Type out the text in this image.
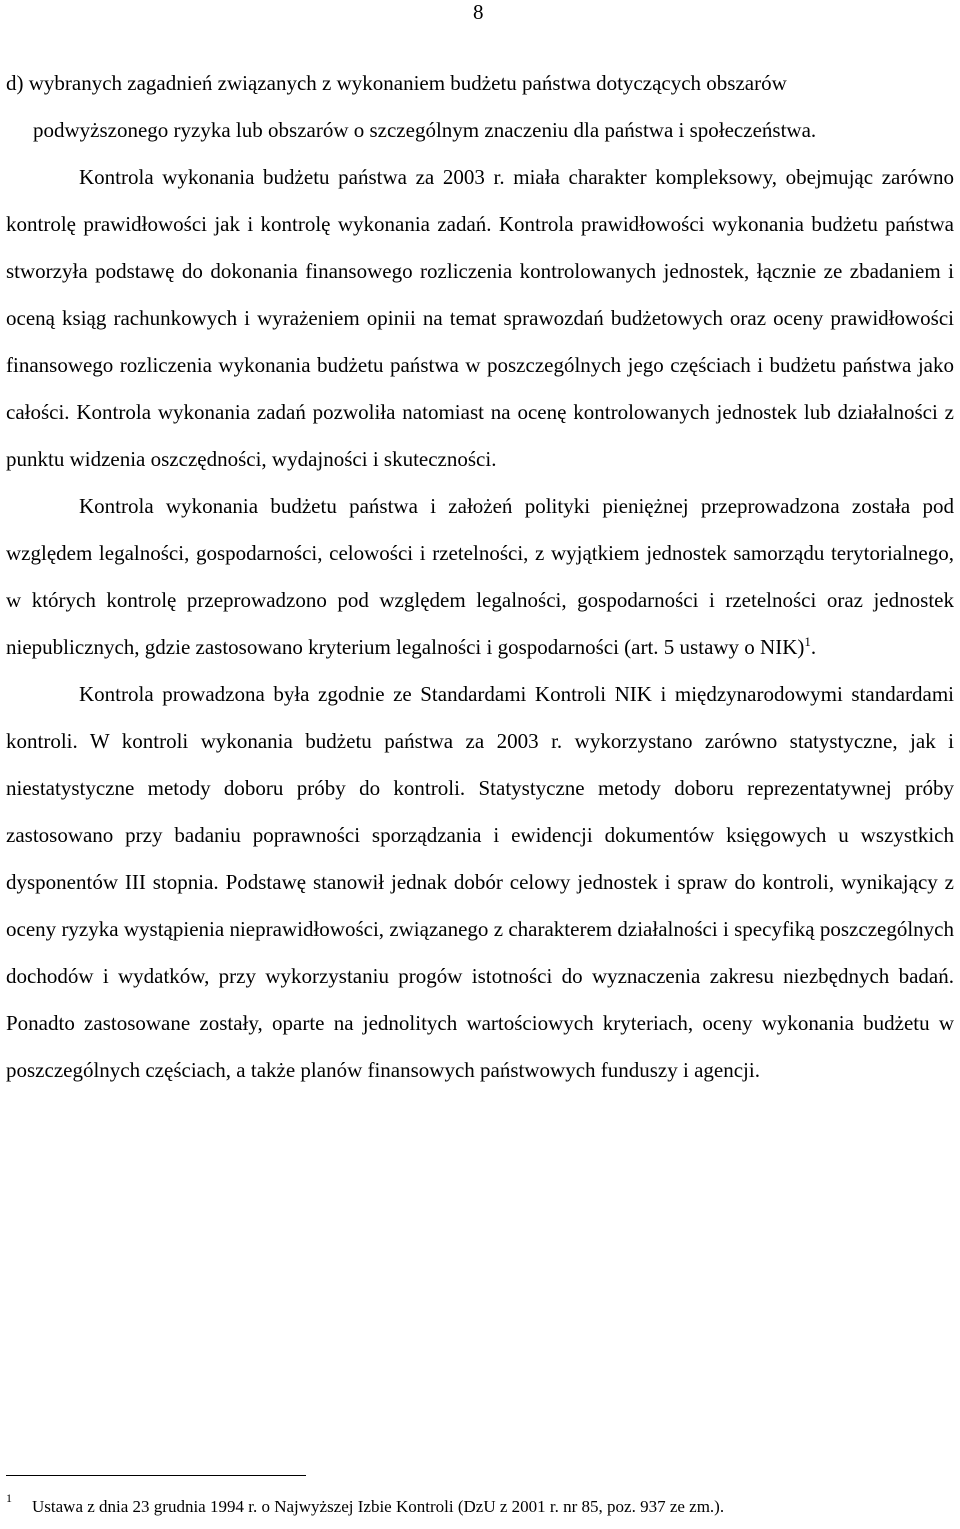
8

d) wybranych zagadnień związanych z wykonaniem budżetu państwa dotyczących obszarów
podwyższonego ryzyka lub obszarów o szczególnym znaczeniu dla państwa i społeczeństwa.

Kontrola wykonania budżetu państwa za 2003 r. miała charakter kompleksowy, obejmując zarówno kontrolę prawidłowości jak i kontrolę wykonania zadań. Kontrola prawidłowości wykonania budżetu państwa stworzyła podstawę do dokonania finansowego rozliczenia kontrolowanych jednostek, łącznie ze zbadaniem i oceną ksiąg rachunkowych i wyrażeniem opinii na temat sprawozdań budżetowych oraz oceny prawidłowości finansowego rozliczenia wykonania budżetu państwa w poszczególnych jego częściach i budżetu państwa jako całości. Kontrola wykonania zadań pozwoliła natomiast na ocenę kontrolowanych jednostek lub działalności z punktu widzenia oszczędności, wydajności i skuteczności.

Kontrola wykonania budżetu państwa i założeń polityki pieniężnej przeprowadzona została pod względem legalności, gospodarności, celowości i rzetelności, z wyjątkiem jednostek samorządu terytorialnego, w których kontrolę przeprowadzono pod względem legalności, gospodarności i rzetelności oraz jednostek niepublicznych, gdzie zastosowano kryterium legalności i gospodarności (art. 5 ustawy o NIK)$^1$.

Kontrola prowadzona była zgodnie ze Standardami Kontroli NIK i międzynarodowymi standardami kontroli. W kontroli wykonania budżetu państwa za 2003 r. wykorzystano zarówno statystyczne, jak i niestatystyczne metody doboru próby do kontroli. Statystyczne metody doboru reprezentatywnej próby zastosowano przy badaniu poprawności sporządzania i ewidencji dokumentów księgowych u wszystkich dysponentów III stopnia. Podstawę stanowił jednak dobór celowy jednostek i spraw do kontroli, wynikający z oceny ryzyka wystąpienia nieprawidłowości, związanego z charakterem działalności i specyfiką poszczególnych dochodów i wydatków, przy wykorzystaniu progów istotności do wyznaczenia zakresu niezbędnych badań. Ponadto zastosowane zostały, oparte na jednolitych wartościowych kryteriach, oceny wykonania budżetu w poszczególnych częściach, a także planów finansowych państwowych funduszy i agencji.

$^1$ Ustawa z dnia 23 grudnia 1994 r. o Najwyższej Izbie Kontroli (DzU z 2001 r. nr 85, poz. 937 ze zm.).
